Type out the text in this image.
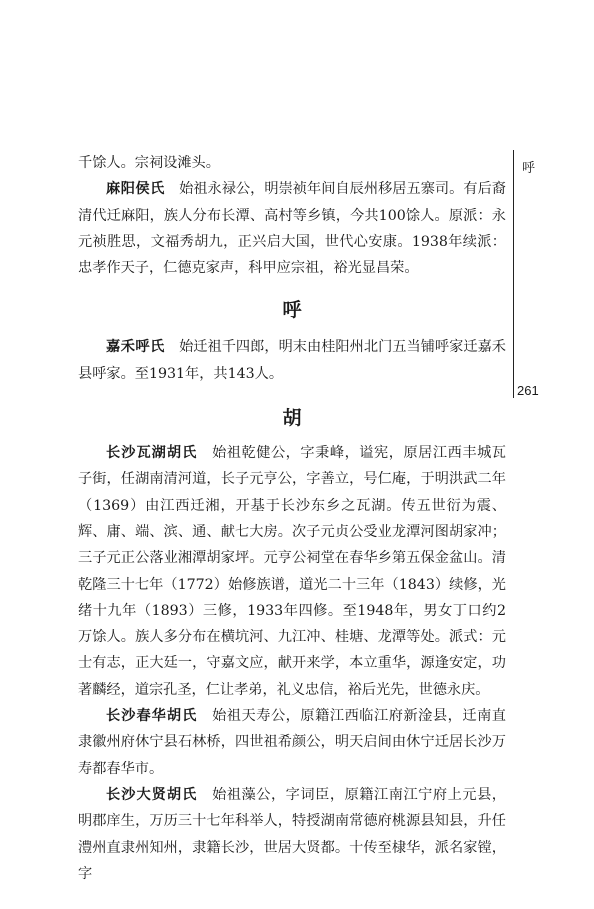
千馀人。宗祠设滩头。

麻阳侯氏　始祖永禄公，明崇祯年间自辰州移居五寨司。有后裔清代迁麻阳，族人分布长潭、高村等乡镇，今共100馀人。原派：永元祯胜思，文福秀胡九，正兴启大国，世代心安康。1938年续派：忠孝作天子，仁德克家声，科甲应宗祖，裕光显昌荣。

呼

嘉禾呼氏　始迁祖千四郎，明末由桂阳州北门五当铺呼家迁嘉禾县呼家。至1931年，共143人。

胡

长沙瓦湖胡氏　始祖乾健公，字秉峰，谥宪，原居江西丰城瓦子街，任湖南清河道，长子元亨公，字善立，号仁庵，于明洪武二年（1369）由江西迁湘，开基于长沙东乡之瓦湖。传五世衍为震、辉、庸、端、滨、通、献七大房。次子元贞公受业龙潭河图胡家冲；三子元正公落业湘潭胡家坪。元亨公祠堂在春华乡第五保金盆山。清乾隆三十七年（1772）始修族谱，道光二十三年（1843）续修，光绪十九年（1893）三修，1933年四修。至1948年，男女丁口约2万馀人。族人多分布在横坑河、九江冲、桂塘、龙潭等处。派式：元士有志，正大廷一，守嘉文应，献开来学，本立重华，源逢安定，功著麟经，道宗孔圣，仁让孝弟，礼义忠信，裕后光先，世德永庆。

长沙春华胡氏　始祖天寿公，原籍江西临江府新淦县，迁南直隶徽州府休宁县石林桥，四世祖希颜公，明天启间由休宁迁居长沙万寿都春华市。

长沙大贤胡氏　始祖藻公，字词臣，原籍江南江宁府上元县，明郡庠生，万历三十七年科举人，特授湖南常德府桃源县知县，升任澧州直隶州知州，隶籍长沙，世居大贤都。十传至棣华，派名家镗，字

呼
261
